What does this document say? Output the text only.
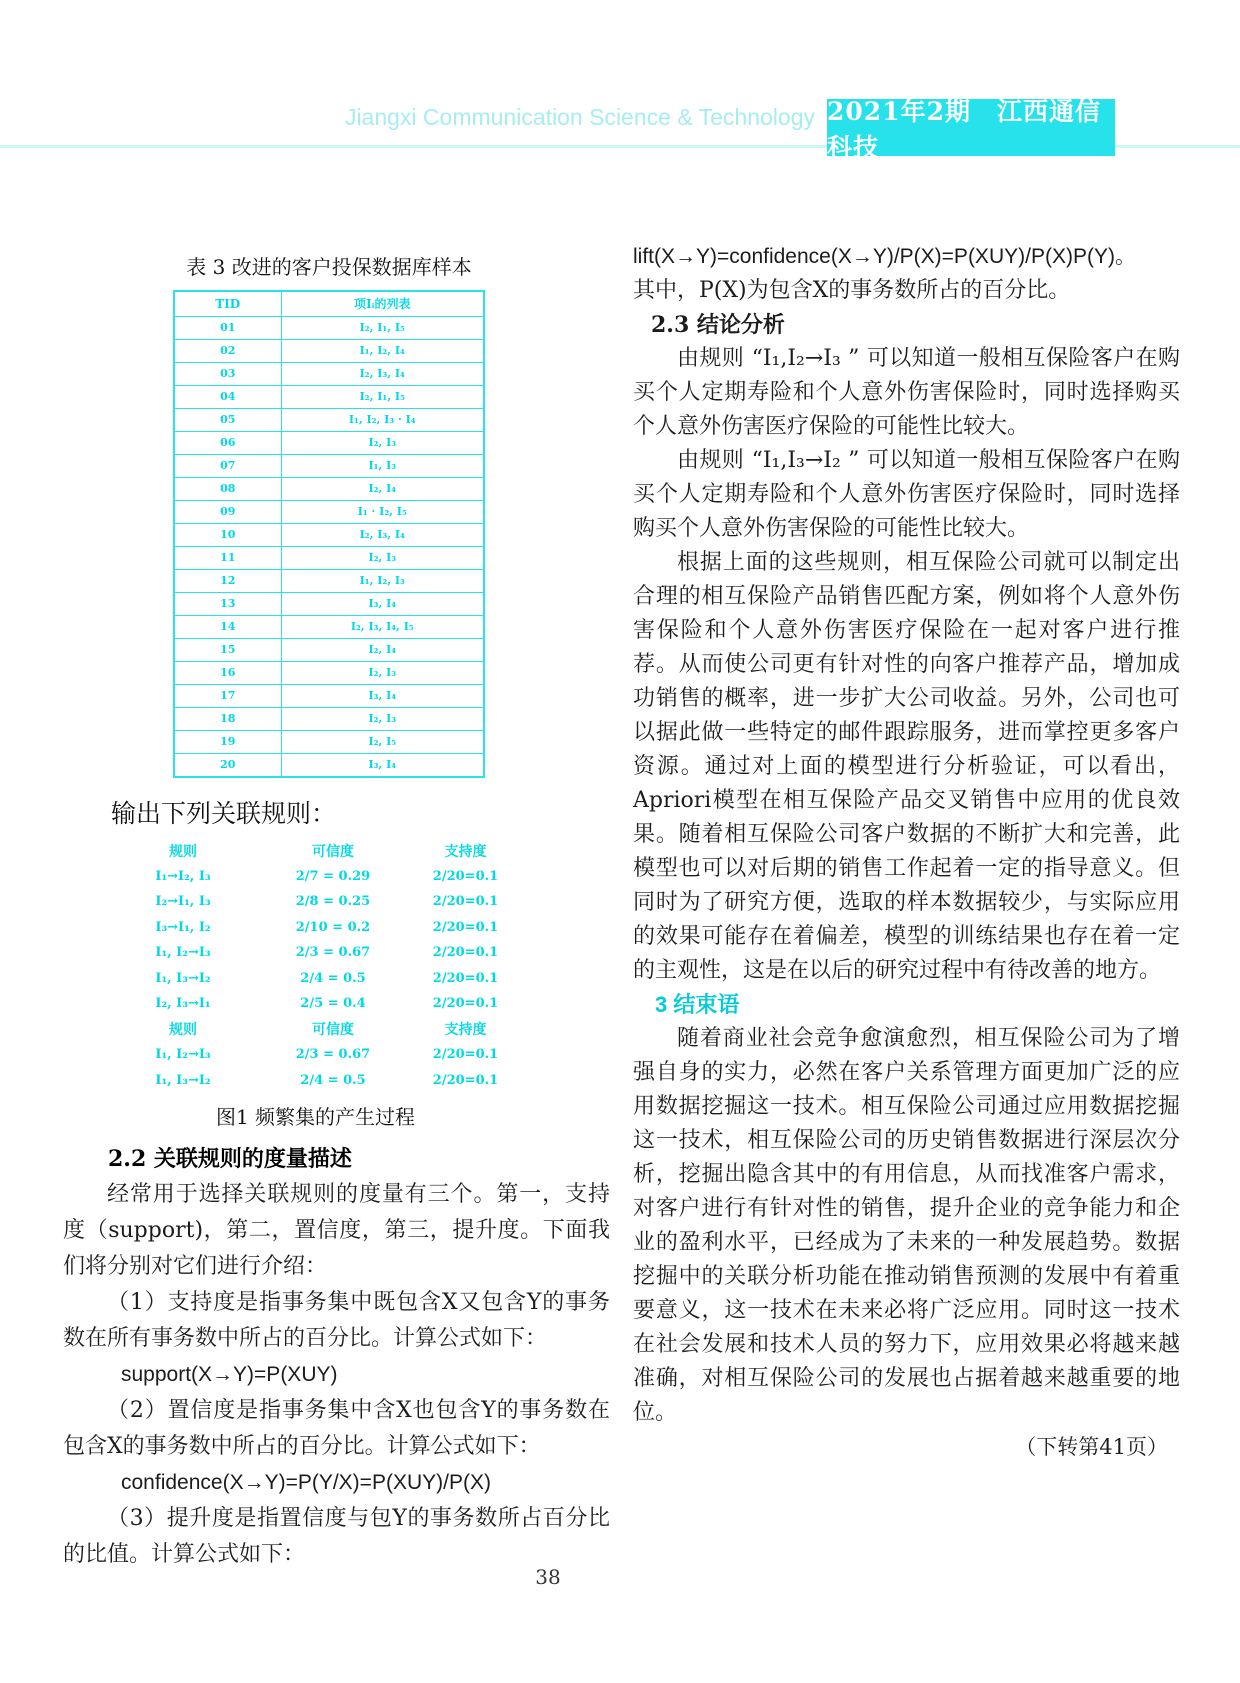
Jiangxi Communication Science & Technology 2021年2期　江西通信科技
表 3 改进的客户投保数据库样本
TID	项Iᵢ的列表
01	I₂, I₁, I₅
02	I₁, I₂, I₄
03	I₂, I₃, I₄
04	I₂, I₁, I₅
05	I₁, I₂, I₃ · I₄
06	I₂, I₃
07	I₁, I₃
08	I₂, I₄
09	I₁ · I₂, I₅
10	I₂, I₃, I₄
11	I₂, I₃
12	I₁, I₂, I₃
13	I₃, I₄
14	I₂, I₃, I₄, I₅
15	I₂, I₄
16	I₂, I₃
17	I₃, I₄
18	I₂, I₃
19	I₂, I₅
20	I₃, I₄
输出下列关联规则：
规则	可信度	支持度
I₁→I₂, I₃	2/7 = 0.29	2/20=0.1
I₂→I₁, I₃	2/8 = 0.25	2/20=0.1
I₃→I₁, I₂	2/10 = 0.2	2/20=0.1
I₁, I₂→I₃	2/3 = 0.67	2/20=0.1
I₁, I₃→I₂	2/4 = 0.5	2/20=0.1
I₂, I₃→I₁	2/5 = 0.4	2/20=0.1
规则	可信度	支持度
I₁, I₂→I₃	2/3 = 0.67	2/20=0.1
I₁, I₃→I₂	2/4 = 0.5	2/20=0.1
图1 频繁集的产生过程
2.2 关联规则的度量描述

经常用于选择关联规则的度量有三个。第一，支持度（support)，第二，置信度，第三，提升度。下面我们将分别对它们进行介绍：

（1）支持度是指事务集中既包含X又包含Y的事务数在所有事务数中所占的百分比。计算公式如下：

support(X→Y)=P(XUY)

（2）置信度是指事务集中含X也包含Y的事务数在包含X的事务数中所占的百分比。计算公式如下：

confidence(X→Y)=P(Y/X)=P(XUY)/P(X)

（3）提升度是指置信度与包Y的事务数所占百分比的比值。计算公式如下：

lift(X→Y)=confidence(X→Y)/P(X)=P(XUY)/P(X)P(Y)。

其中，P(X)为包含X的事务数所占的百分比。

2.3 结论分析

由规则 “I₁,I₂→I₃ ” 可以知道一般相互保险客户在购买个人定期寿险和个人意外伤害保险时，同时选择购买个人意外伤害医疗保险的可能性比较大。

由规则 “I₁,I₃→I₂ ” 可以知道一般相互保险客户在购买个人定期寿险和个人意外伤害医疗保险时，同时选择购买个人意外伤害保险的可能性比较大。

根据上面的这些规则，相互保险公司就可以制定出合理的相互保险产品销售匹配方案，例如将个人意外伤害保险和个人意外伤害医疗保险在一起对客户进行推荐。从而使公司更有针对性的向客户推荐产品，增加成功销售的概率，进一步扩大公司收益。另外，公司也可以据此做一些特定的邮件跟踪服务，进而掌控更多客户资源。通过对上面的模型进行分析验证，可以看出，Apriori模型在相互保险产品交叉销售中应用的优良效果。随着相互保险公司客户数据的不断扩大和完善，此模型也可以对后期的销售工作起着一定的指导意义。但同时为了研究方便，选取的样本数据较少，与实际应用的效果可能存在着偏差，模型的训练结果也存在着一定的主观性，这是在以后的研究过程中有待改善的地方。

3 结束语

随着商业社会竞争愈演愈烈，相互保险公司为了增强自身的实力，必然在客户关系管理方面更加广泛的应用数据挖掘这一技术。相互保险公司通过应用数据挖掘这一技术，相互保险公司的历史销售数据进行深层次分析，挖掘出隐含其中的有用信息，从而找准客户需求，对客户进行有针对性的销售，提升企业的竞争能力和企业的盈利水平，已经成为了未来的一种发展趋势。数据挖掘中的关联分析功能在推动销售预测的发展中有着重要意义，这一技术在未来必将广泛应用。同时这一技术在社会发展和技术人员的努力下，应用效果必将越来越准确，对相互保险公司的发展也占据着越来越重要的地位。

（下转第41页）

38
